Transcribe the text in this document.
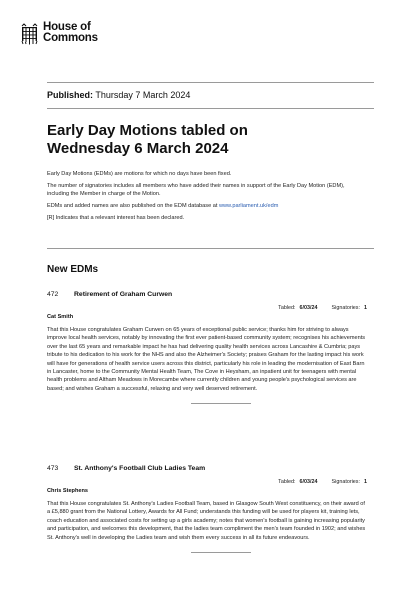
House of
Commons
Published: Thursday 7 March 2024
Early Day Motions tabled on
Wednesday 6 March 2024

Early Day Motions (EDMs) are motions for which no days have been fixed.

The number of signatories includes all members who have added their names in support of the Early Day Motion (EDM), including the Member in charge of the Motion.

EDMs and added names are also published on the EDM database at www.parliament.uk/edm

[R] Indicates that a relevant interest has been declared.

New EDMs
472	Retirement of Graham Curwen
Tabled: 6/03/24	Signatories: 1
Cat Smith
That this House congratulates Graham Curwen on 65 years of exceptional public service; thanks him for striving to always improve local health services, notably by innovating the first ever patient-based community system; recognises his achievements over the last 65 years and remarkable impact he has had delivering quality health services across Lancashire & Cumbria; pays tribute to his dedication to his work for the NHS and also the Alzheimer's Society; praises Graham for the lasting impact his work will have for generations of health service users across this district, particularly his role in leading the modernisation of East Barn in Lancaster, home to the Community Mental Health Team, The Cove in Heysham, an inpatient unit for teenagers with mental health problems and Altham Meadows in Morecambe where currently children and young people's psychological services are based; and wishes Graham a successful, relaxing and very well deserved retirement.
473	St. Anthony's Football Club Ladies Team
Tabled: 6/03/24	Signatories: 1
Chris Stephens
That this House congratulates St. Anthony's Ladies Football Team, based in Glasgow South West constituency, on their award of a £5,880 grant from the National Lottery, Awards for All Fund; understands this funding will be used for players kit, training lets, coach education and associated costs for setting up a girls academy; notes that women's football is gaining increasing popularity and participation, and welcomes this development, that the ladies team compliment the men's team founded in 1902; and wishes St. Anthony's well in developing the Ladies team and wish them every success in all its future endeavours.
